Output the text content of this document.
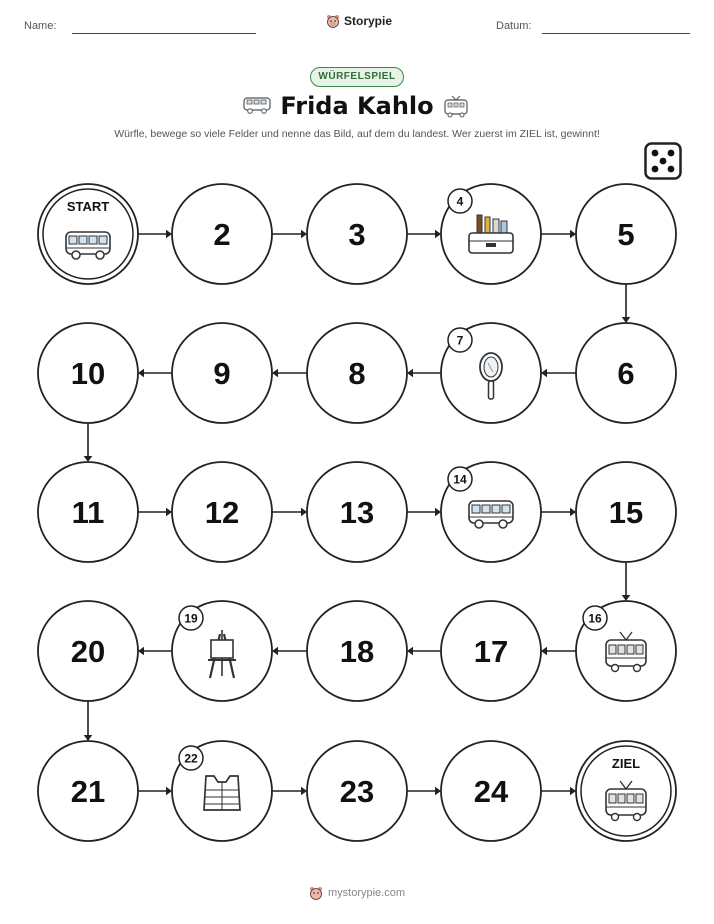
Name:	Storypie	Datum:
WÜRFELSPIEL
Frida Kahlo
Würfle, bewege so viele Felder und nenne das Bild, auf dem du landest. Wer zuerst im ZIEL ist, gewinnt!
START
2	3
4
5
6
7
8
9
10
11	12	13
14
15
16
17
18
19
20
21
22
23	24
ZIEL
mystorypie.com
